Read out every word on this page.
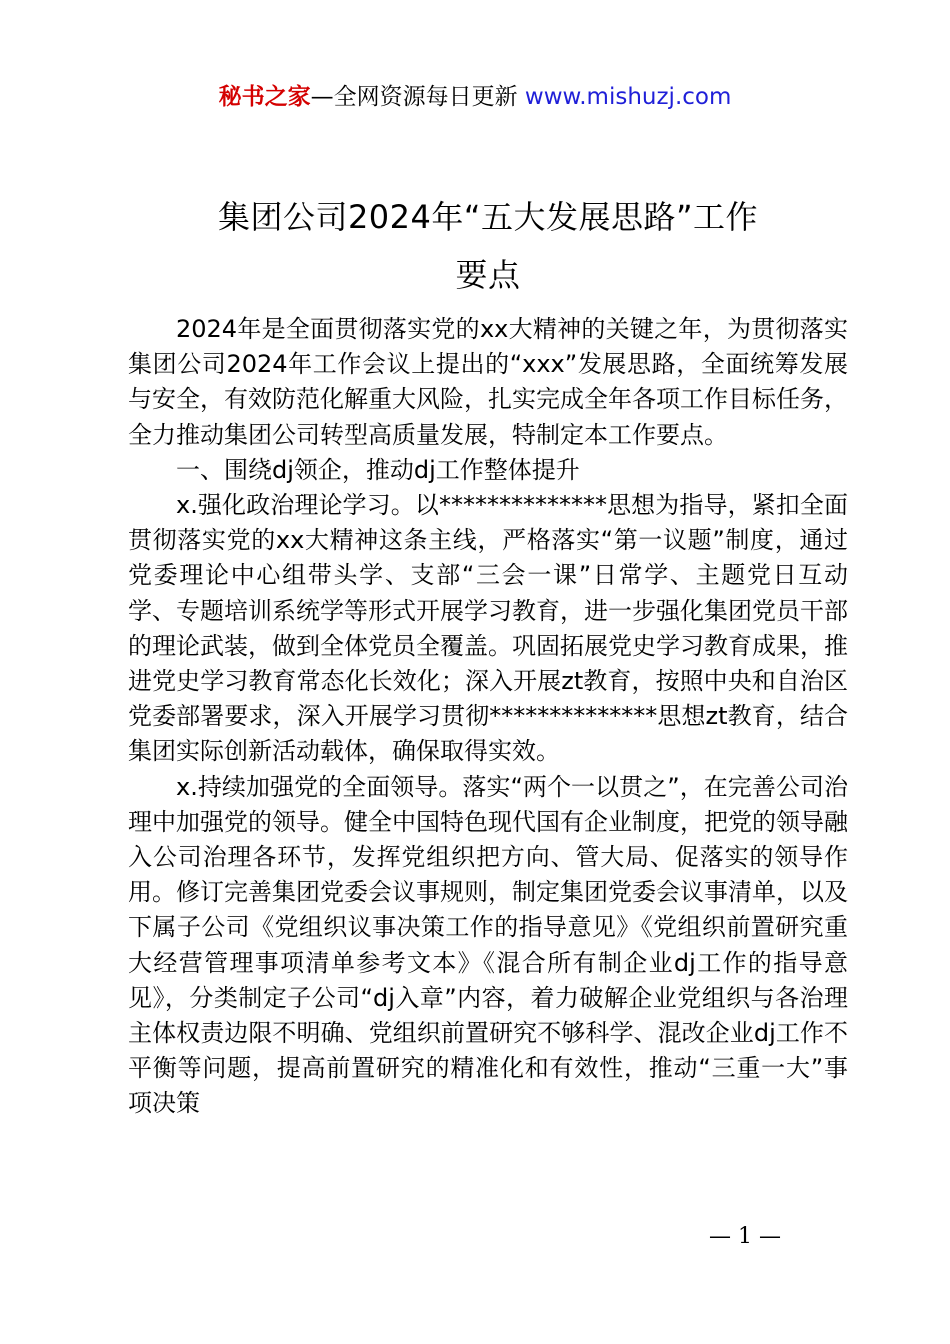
秘书之家—全网资源每日更新 www.mishuzj.com
集团公司2024年“五大发展思路”工作
要点

2024年是全面贯彻落实党的xx大精神的关键之年，为贯彻落实集团公司2024年工作会议上提出的“xxx”发展思路，全面统筹发展与安全，有效防范化解重大风险，扎实完成全年各项工作目标任务，全力推动集团公司转型高质量发展，特制定本工作要点。

一、围绕dj领企，推动dj工作整体提升

x.强化政治理论学习。以**************思想为指导，紧扣全面贯彻落实党的xx大精神这条主线，严格落实“第一议题”制度，通过党委理论中心组带头学、支部“三会一课”日常学、主题党日互动学、专题培训系统学等形式开展学习教育，进一步强化集团党员干部的理论武装，做到全体党员全覆盖。巩固拓展党史学习教育成果，推进党史学习教育常态化长效化；深入开展zt教育，按照中央和自治区党委部署要求，深入开展学习贯彻**************思想zt教育，结合集团实际创新活动载体，确保取得实效。

x.持续加强党的全面领导。落实“两个一以贯之”，在完善公司治理中加强党的领导。健全中国特色现代国有企业制度，把党的领导融入公司治理各环节，发挥党组织把方向、管大局、促落实的领导作用。修订完善集团党委会议事规则，制定集团党委会议事清单，以及下属子公司《党组织议事决策工作的指导意见》《党组织前置研究重大经营管理事项清单参考文本》《混合所有制企业dj工作的指导意见》，分类制定子公司“dj入章”内容，着力破解企业党组织与各治理主体权责边限不明确、党组织前置研究不够科学、混改企业dj工作不平衡等问题，提高前置研究的精准化和有效性，推动“三重一大”事项决策

— 1 —
